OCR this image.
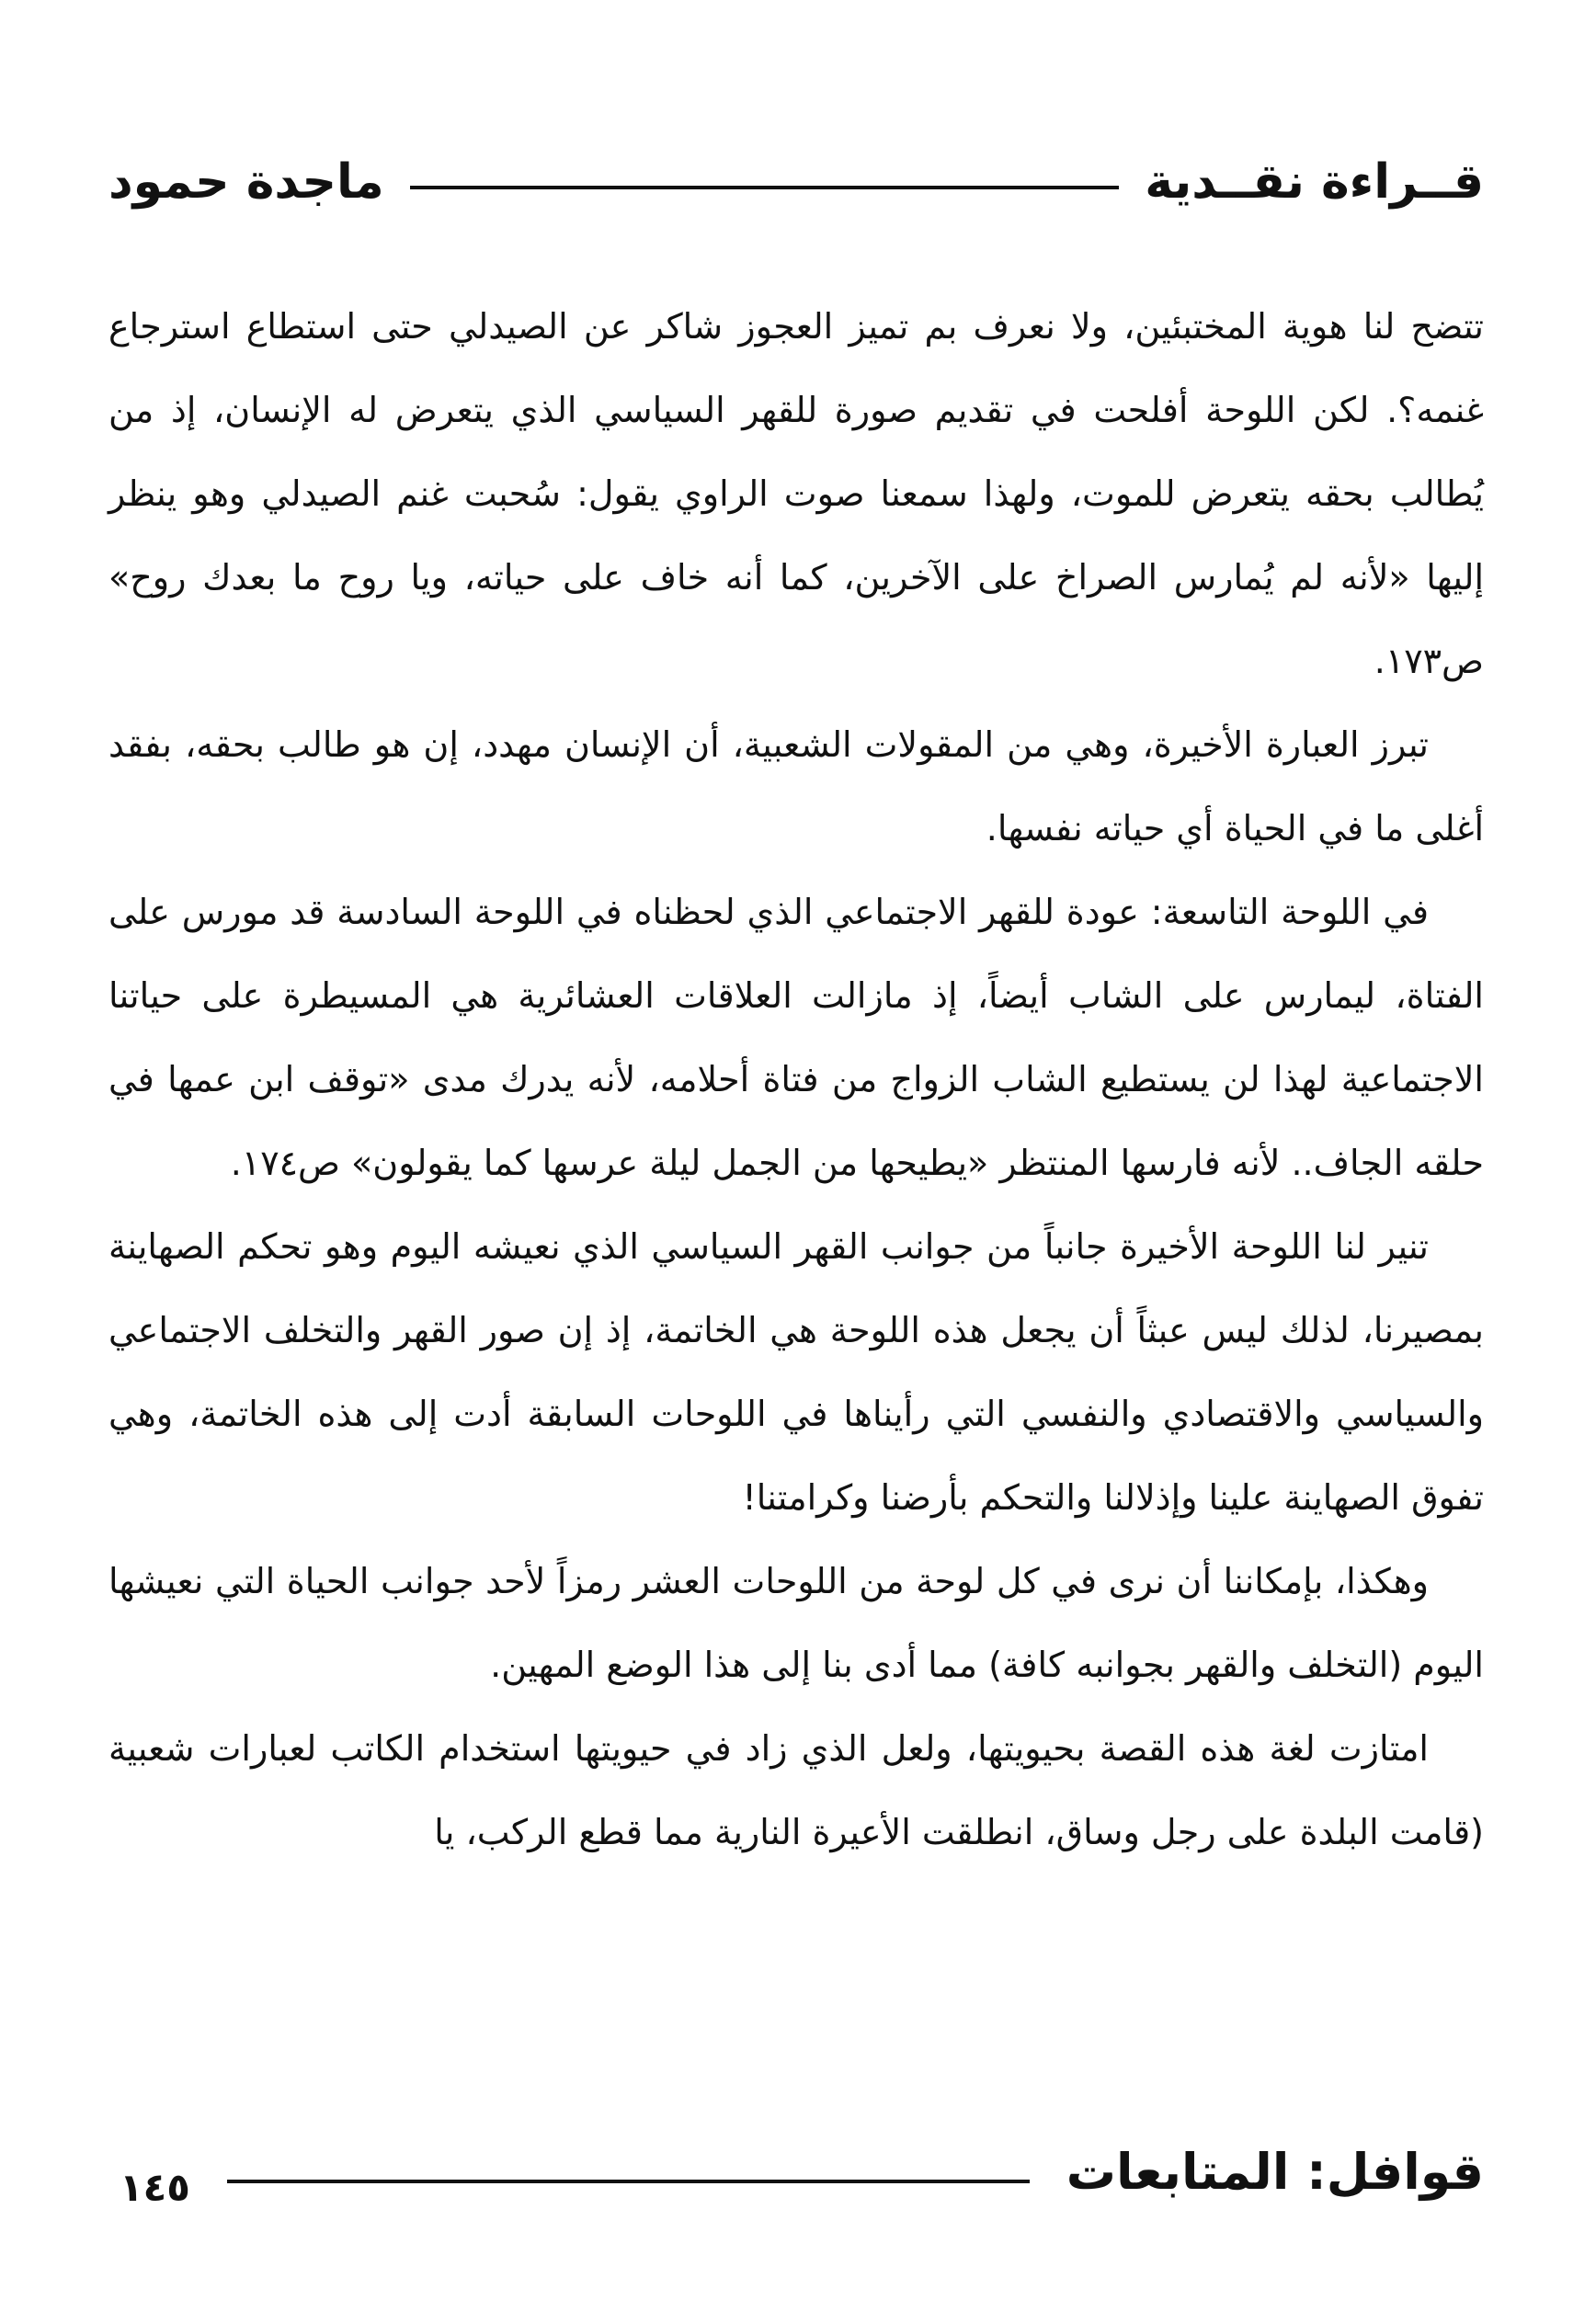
قــراءة نقــدية
ماجدة حمود

تتضح لنا هوية المختبئين، ولا نعرف بم تميز العجوز شاكر عن الصيدلي حتى استطاع استرجاع غنمه؟. لكن اللوحة أفلحت في تقديم صورة للقهر السياسي الذي يتعرض له الإنسان، إذ من يُطالب بحقه يتعرض للموت، ولهذا سمعنا صوت الراوي يقول: سُحبت غنم الصيدلي وهو ينظر إليها «لأنه لم يُمارس الصراخ على الآخرين، كما أنه خاف على حياته، ويا روح ما بعدك روح» ص١٧٣.

تبرز العبارة الأخيرة، وهي من المقولات الشعبية، أن الإنسان مهدد، إن هو طالب بحقه، بفقد أغلى ما في الحياة أي حياته نفسها.

في اللوحة التاسعة: عودة للقهر الاجتماعي الذي لحظناه في اللوحة السادسة قد مورس على الفتاة، ليمارس على الشاب أيضاً، إذ مازالت العلاقات العشائرية هي المسيطرة على حياتنا الاجتماعية لهذا لن يستطيع الشاب الزواج من فتاة أحلامه، لأنه يدرك مدى «توقف ابن عمها في حلقه الجاف.. لأنه فارسها المنتظر «يطيحها من الجمل ليلة عرسها كما يقولون» ص١٧٤.

تنير لنا اللوحة الأخيرة جانباً من جوانب القهر السياسي الذي نعيشه اليوم وهو تحكم الصهاينة بمصيرنا، لذلك ليس عبثاً أن يجعل هذه اللوحة هي الخاتمة، إذ إن صور القهر والتخلف الاجتماعي والسياسي والاقتصادي والنفسي التي رأيناها في اللوحات السابقة أدت إلى هذه الخاتمة، وهي تفوق الصهاينة علينا وإذلالنا والتحكم بأرضنا وكرامتنا!

وهكذا، بإمكاننا أن نرى في كل لوحة من اللوحات العشر رمزاً لأحد جوانب الحياة التي نعيشها اليوم (التخلف والقهر بجوانبه كافة) مما أدى بنا إلى هذا الوضع المهين.

امتازت لغة هذه القصة بحيويتها، ولعل الذي زاد في حيويتها استخدام الكاتب لعبارات شعبية (قامت البلدة على رجل وساق، انطلقت الأعيرة النارية مما قطع الركب، يا

قوافل: المتابعات
١٤٥
